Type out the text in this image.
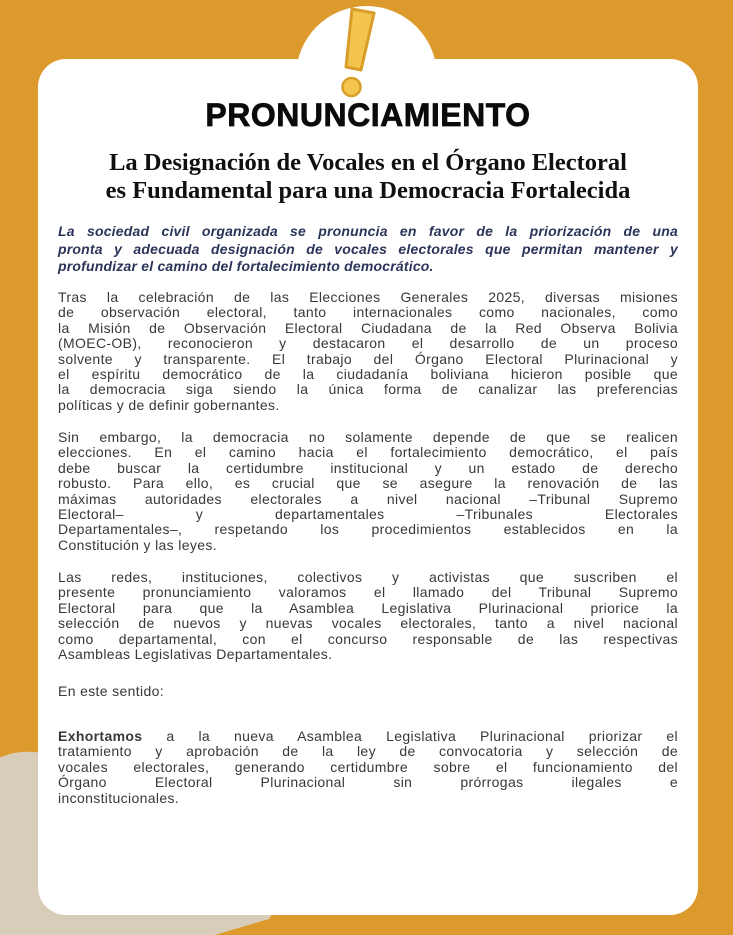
PRONUNCIAMIENTO
La Designación de Vocales en el Órgano Electoral
es Fundamental para una Democracia Fortalecida
La sociedad civil organizada se pronuncia en favor de la priorización de una
pronta y adecuada designación de vocales electorales que permitan mantener y
profundizar el camino del fortalecimiento democrático.
Tras la celebración de las Elecciones Generales 2025, diversas misiones
de observación electoral, tanto internacionales como nacionales, como
la Misión de Observación Electoral Ciudadana de la Red Observa Bolivia
(MOEC-OB), reconocieron y destacaron el desarrollo de un proceso
solvente y transparente. El trabajo del Órgano Electoral Plurinacional y
el espíritu democrático de la ciudadanía boliviana hicieron posible que
la democracia siga siendo la única forma de canalizar las preferencias
políticas y de definir gobernantes.
Sin embargo, la democracia no solamente depende de que se realicen
elecciones. En el camino hacia el fortalecimiento democrático, el país
debe buscar la certidumbre institucional y un estado de derecho
robusto. Para ello, es crucial que se asegure la renovación de las
máximas autoridades electorales a nivel nacional –Tribunal Supremo
Electoral– y departamentales –Tribunales Electorales
Departamentales–, respetando los procedimientos establecidos en la
Constitución y las leyes.
Las redes, instituciones, colectivos y activistas que suscriben el
presente pronunciamiento valoramos el llamado del Tribunal Supremo
Electoral para que la Asamblea Legislativa Plurinacional priorice la
selección de nuevos y nuevas vocales electorales, tanto a nivel nacional
como departamental, con el concurso responsable de las respectivas
Asambleas Legislativas Departamentales.
En este sentido:
Exhortamos a la nueva Asamblea Legislativa Plurinacional priorizar el
tratamiento y aprobación de la ley de convocatoria y selección de
vocales electorales, generando certidumbre sobre el funcionamiento del
Órgano Electoral Plurinacional sin prórrogas ilegales e
inconstitucionales.
